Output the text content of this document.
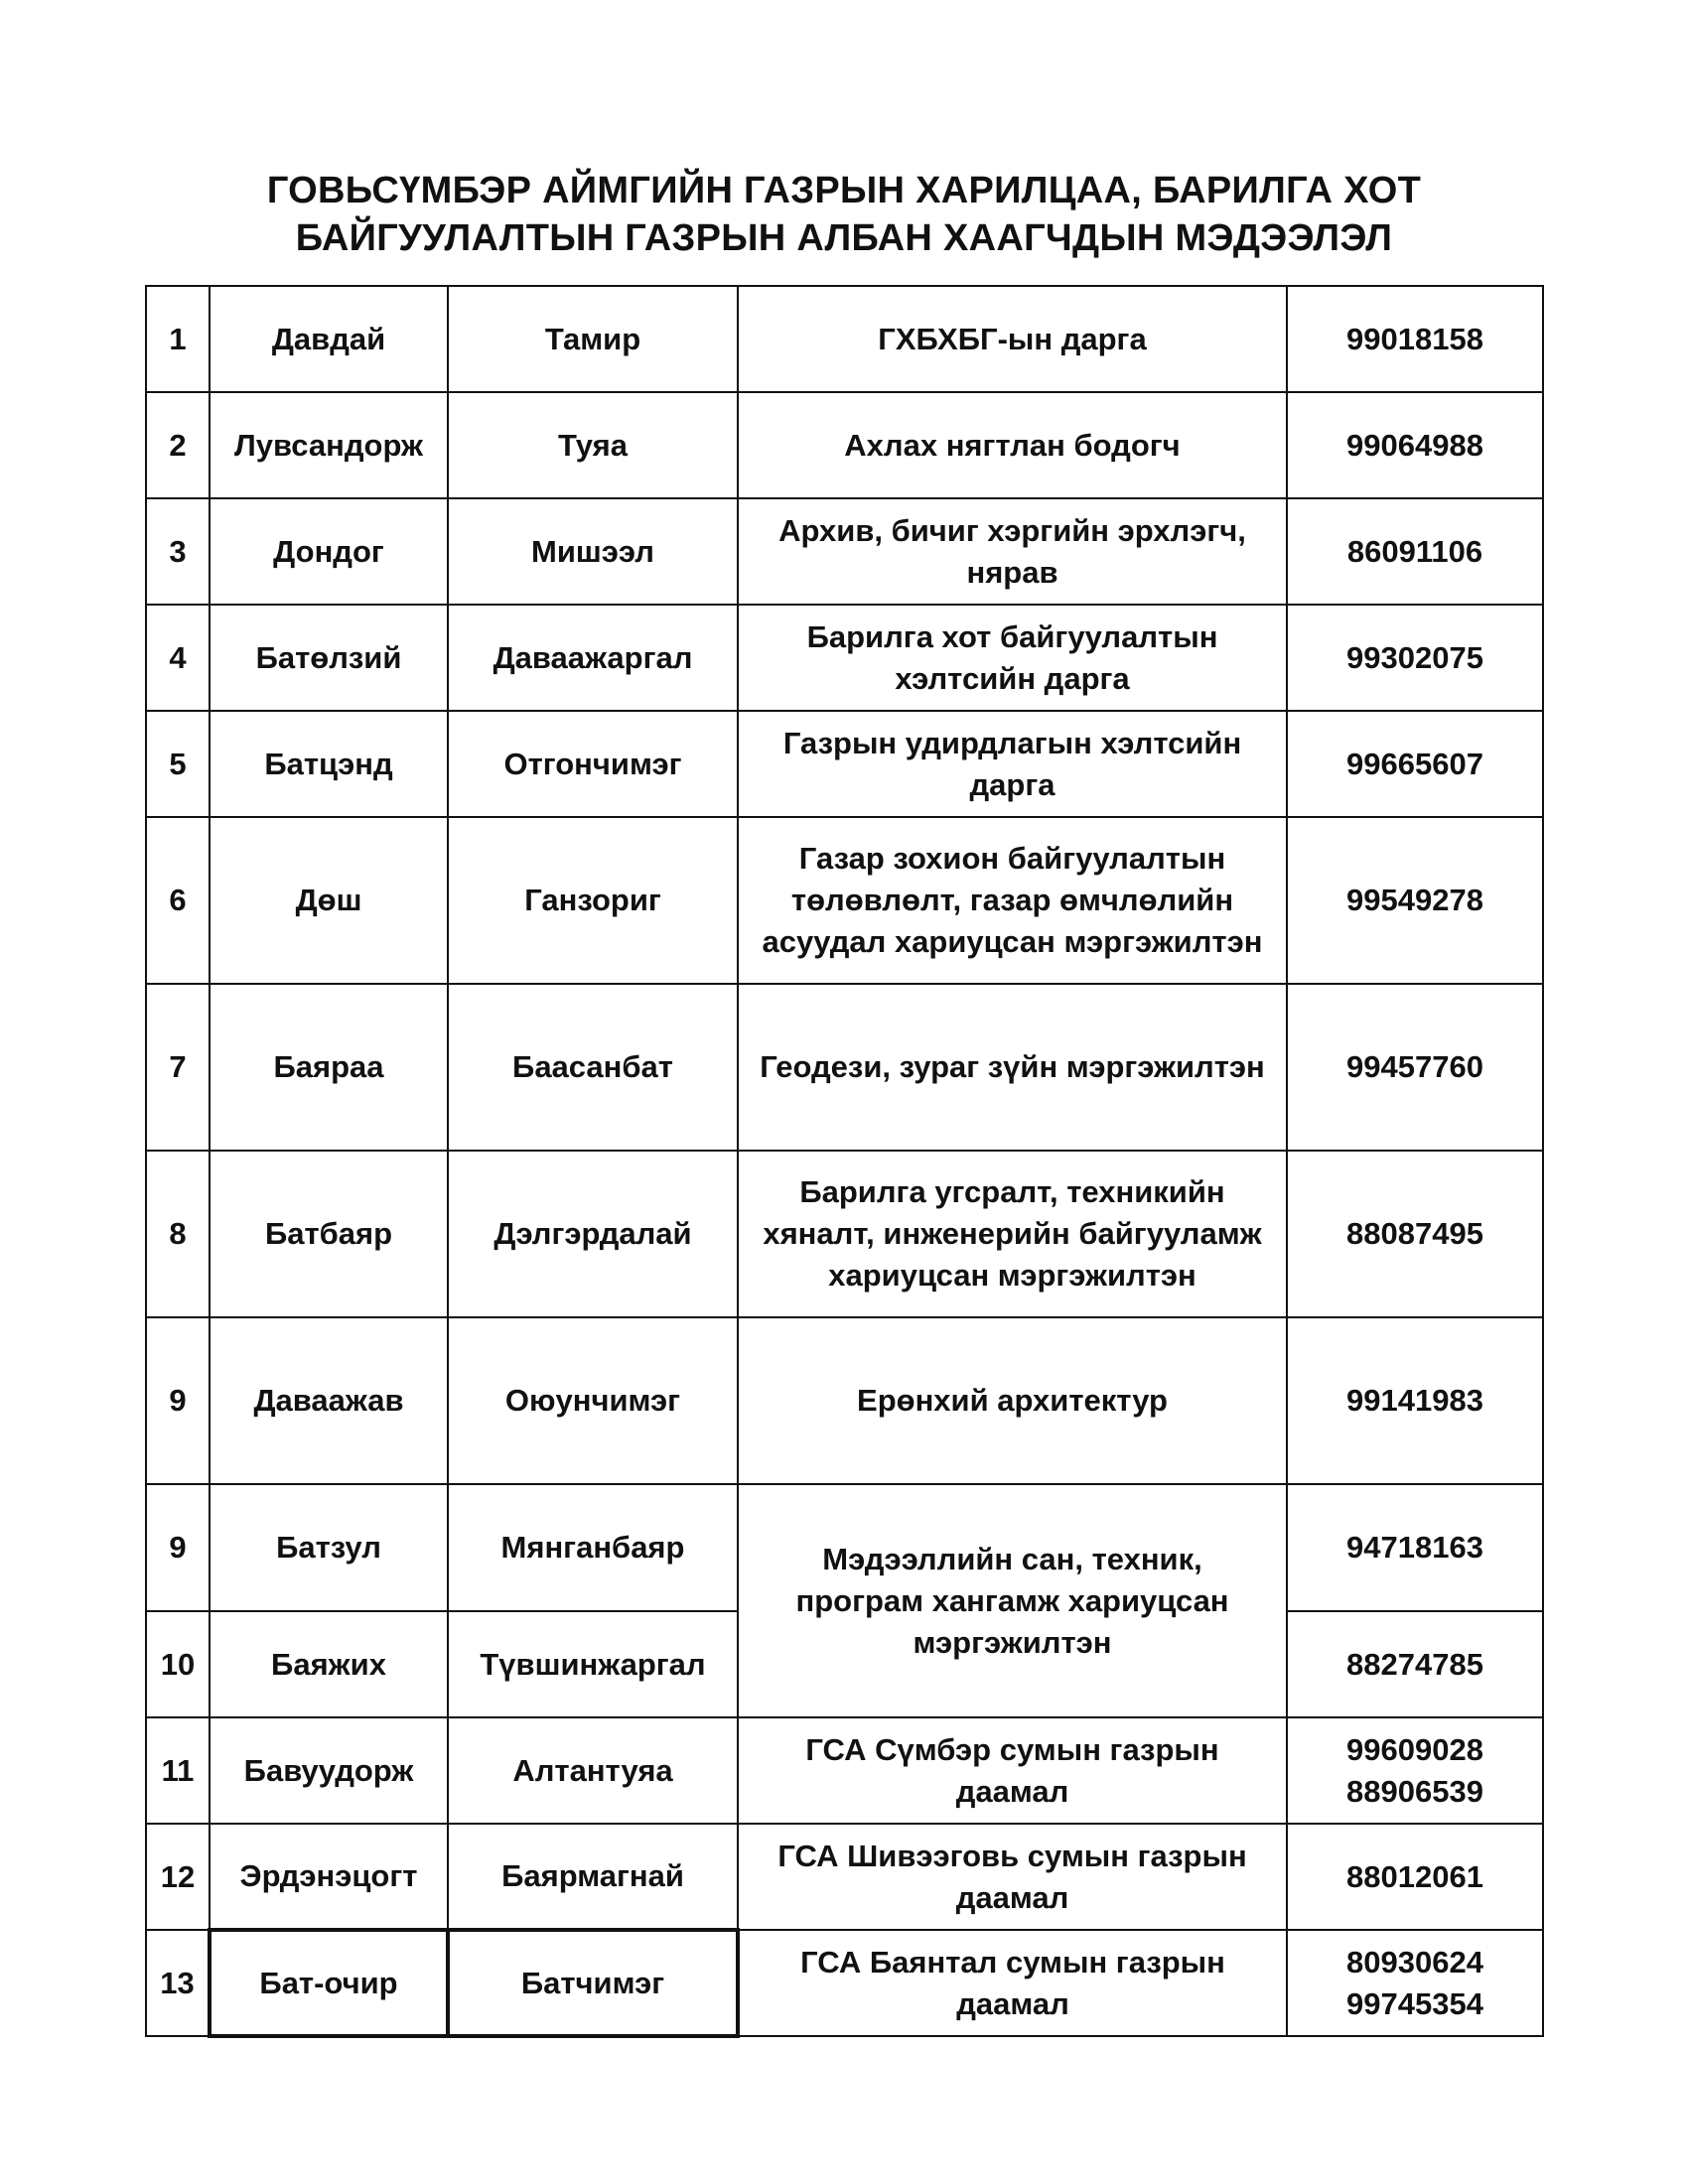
ГОВЬСҮМБЭР АЙМГИЙН ГАЗРЫН ХАРИЛЦАА, БАРИЛГА ХОТ
БАЙГУУЛАЛТЫН ГАЗРЫН АЛБАН ХААГЧДЫН МЭДЭЭЛЭЛ
1	Давдай	Тамир	ГХБХБГ-ын дарга	99018158
2	Лувсандорж	Туяа	Ахлах нягтлан бодогч	99064988
3	Дондог	Мишээл	Архив, бичиг хэргийн эрхлэгч, нярав	86091106
4	Батөлзий	Даваажаргал	Барилга хот байгуулалтын хэлтсийн дарга	99302075
5	Батцэнд	Отгончимэг	Газрын удирдлагын хэлтсийн дарга	99665607
6	Дөш	Ганзориг	Газар зохион байгуулалтын төлөвлөлт, газар өмчлөлийн асуудал хариуцсан мэргэжилтэн	99549278
7	Баяраа	Баасанбат	Геодези, зураг зүйн мэргэжилтэн	99457760
8	Батбаяр	Дэлгэрдалай	Барилга угсралт, техникийн хяналт, инженерийн байгууламж хариуцсан мэргэжилтэн	88087495
9	Даваажав	Оюунчимэг	Ерөнхий архитектур	99141983
9	Батзул	Мянганбаяр	Мэдээллийн сан, техник, програм хангамж хариуцсан мэргэжилтэн	94718163
10	Баяжих	Түвшинжаргал		88274785
11	Бавуудорж	Алтантуяа	ГСА Сүмбэр сумын газрын даамал	99609028
88906539

12	Эрдэнэцогт	Баярмагнай	ГСА Шивээговь сумын газрын даамал	88012061
13	Бат-очир	Батчимэг	ГСА Баянтал сумын газрын даамал	80930624
99745354
